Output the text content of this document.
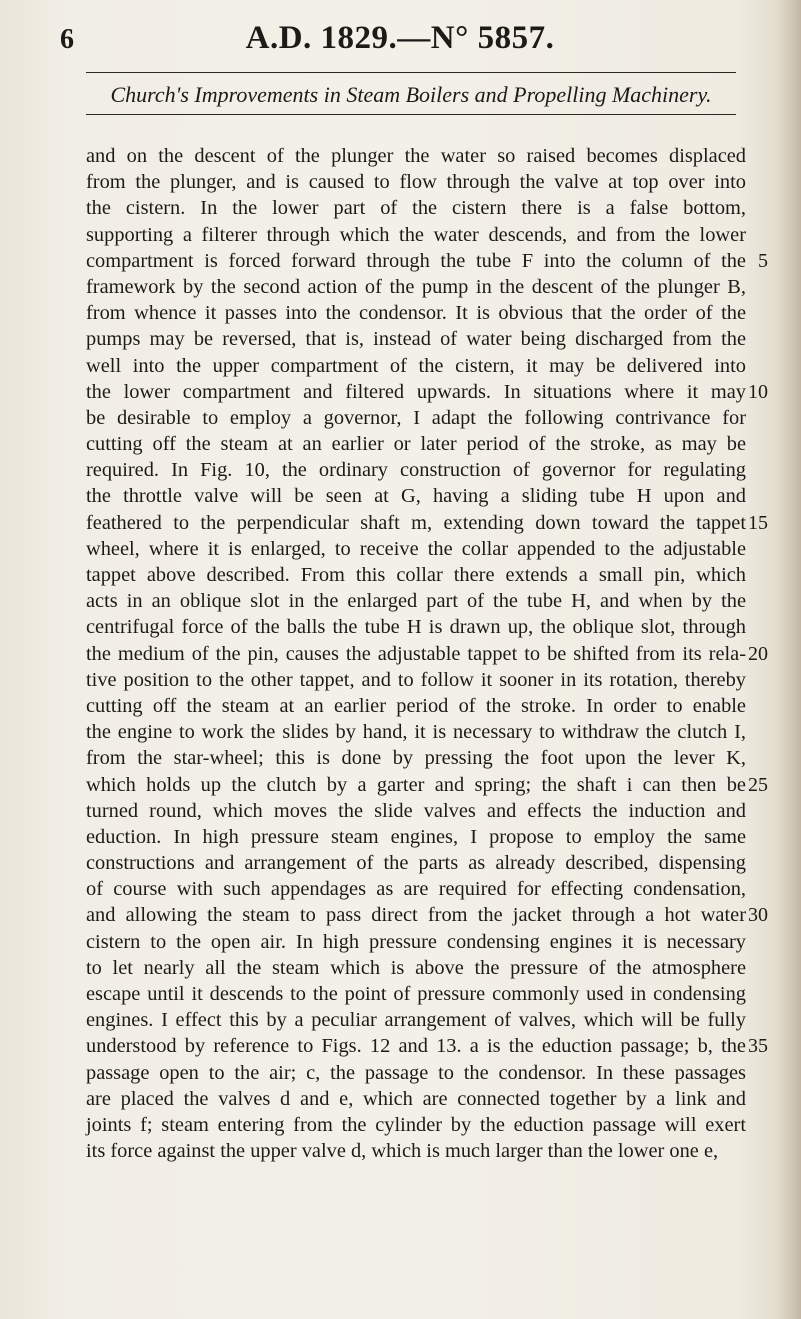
6	A.D. 1829.—N° 5857.
Church's Improvements in Steam Boilers and Propelling Machinery.
and on the descent of the plunger the water so raised becomes displaced
from the plunger, and is caused to flow through the valve at top over into
the cistern. In the lower part of the cistern there is a false bottom,
supporting a filterer through which the water descends, and from the lower
compartment is forced forward through the tube F into the column of the 5
framework by the second action of the pump in the descent of the plunger B,
from whence it passes into the condensor. It is obvious that the order of the
pumps may be reversed, that is, instead of water being discharged from the
well into the upper compartment of the cistern, it may be delivered into
the lower compartment and filtered upwards. In situations where it may 10
be desirable to employ a governor, I adapt the following contrivance for
cutting off the steam at an earlier or later period of the stroke, as may be
required. In Fig. 10, the ordinary construction of governor for regulating
the throttle valve will be seen at G, having a sliding tube H upon and
feathered to the perpendicular shaft m, extending down toward the tappet 15
wheel, where it is enlarged, to receive the collar appended to the adjustable
tappet above described. From this collar there extends a small pin, which
acts in an oblique slot in the enlarged part of the tube H, and when by the
centrifugal force of the balls the tube H is drawn up, the oblique slot, through
the medium of the pin, causes the adjustable tappet to be shifted from its rela- 20
tive position to the other tappet, and to follow it sooner in its rotation, thereby
cutting off the steam at an earlier period of the stroke. In order to enable
the engine to work the slides by hand, it is necessary to withdraw the clutch I,
from the star-wheel; this is done by pressing the foot upon the lever K,
which holds up the clutch by a garter and spring; the shaft i can then be 25
turned round, which moves the slide valves and effects the induction and
eduction. In high pressure steam engines, I propose to employ the same
constructions and arrangement of the parts as already described, dispensing
of course with such appendages as are required for effecting condensation,
and allowing the steam to pass direct from the jacket through a hot water 30
cistern to the open air. In high pressure condensing engines it is necessary
to let nearly all the steam which is above the pressure of the atmosphere
escape until it descends to the point of pressure commonly used in condensing
engines. I effect this by a peculiar arrangement of valves, which will be fully
understood by reference to Figs. 12 and 13. a is the eduction passage; b, the 35
passage open to the air; c, the passage to the condensor. In these passages
are placed the valves d and e, which are connected together by a link and
joints f; steam entering from the cylinder by the eduction passage will exert
its force against the upper valve d, which is much larger than the lower one e,
